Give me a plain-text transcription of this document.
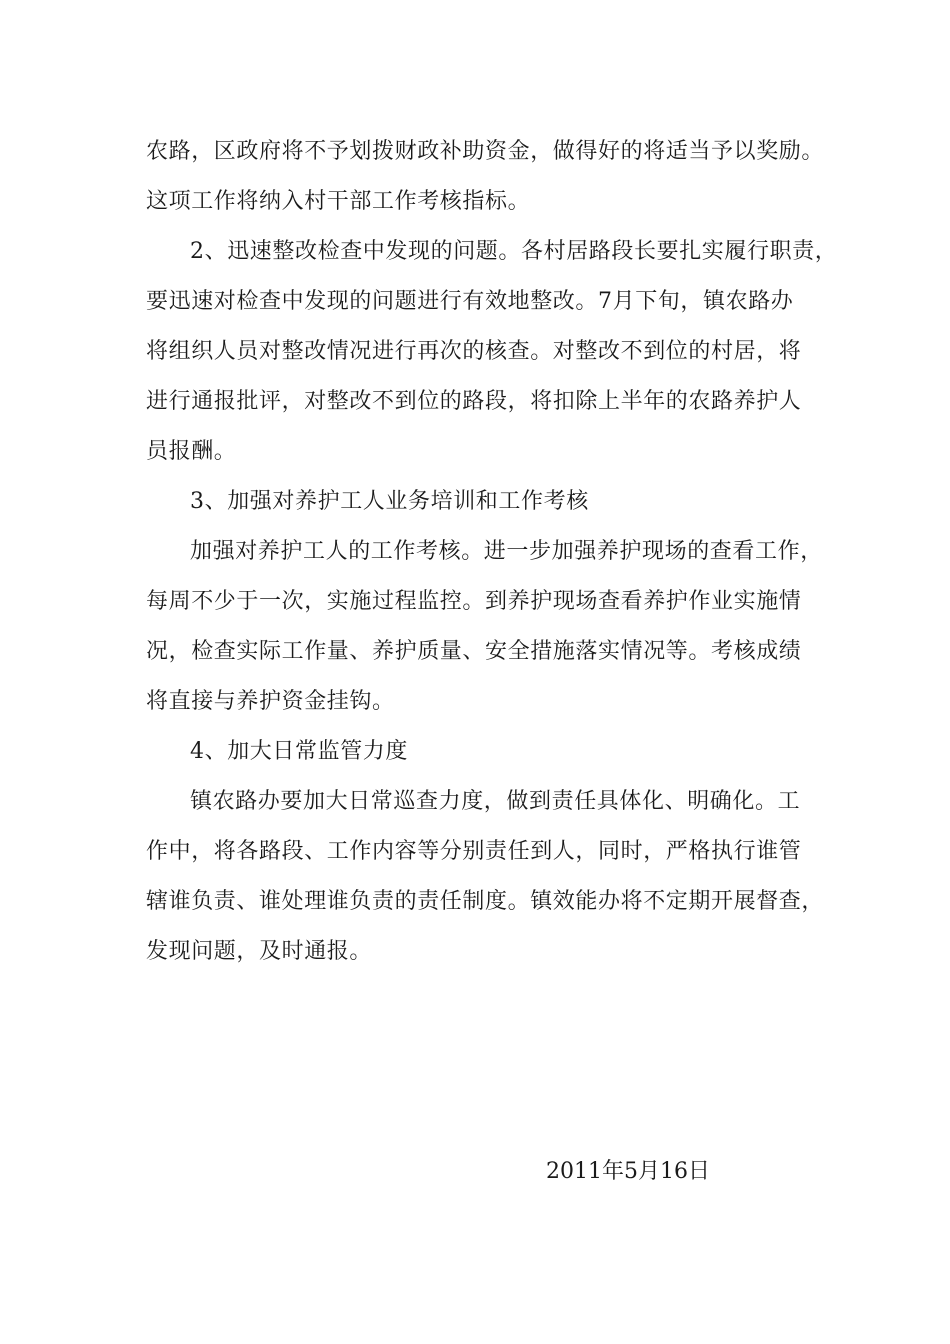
农路，区政府将不予划拨财政补助资金，做得好的将适当予以奖励。
这项工作将纳入村干部工作考核指标。
2、迅速整改检查中发现的问题。各村居路段长要扎实履行职责，
要迅速对检查中发现的问题进行有效地整改。7月下旬，镇农路办
将组织人员对整改情况进行再次的核查。对整改不到位的村居，将
进行通报批评，对整改不到位的路段，将扣除上半年的农路养护人
员报酬。
3、加强对养护工人业务培训和工作考核
加强对养护工人的工作考核。进一步加强养护现场的查看工作，
每周不少于一次，实施过程监控。到养护现场查看养护作业实施情
况，检查实际工作量、养护质量、安全措施落实情况等。考核成绩
将直接与养护资金挂钩。
4、加大日常监管力度
镇农路办要加大日常巡查力度，做到责任具体化、明确化。工
作中，将各路段、工作内容等分别责任到人，同时，严格执行谁管
辖谁负责、谁处理谁负责的责任制度。镇效能办将不定期开展督查，
发现问题，及时通报。
2011年5月16日
